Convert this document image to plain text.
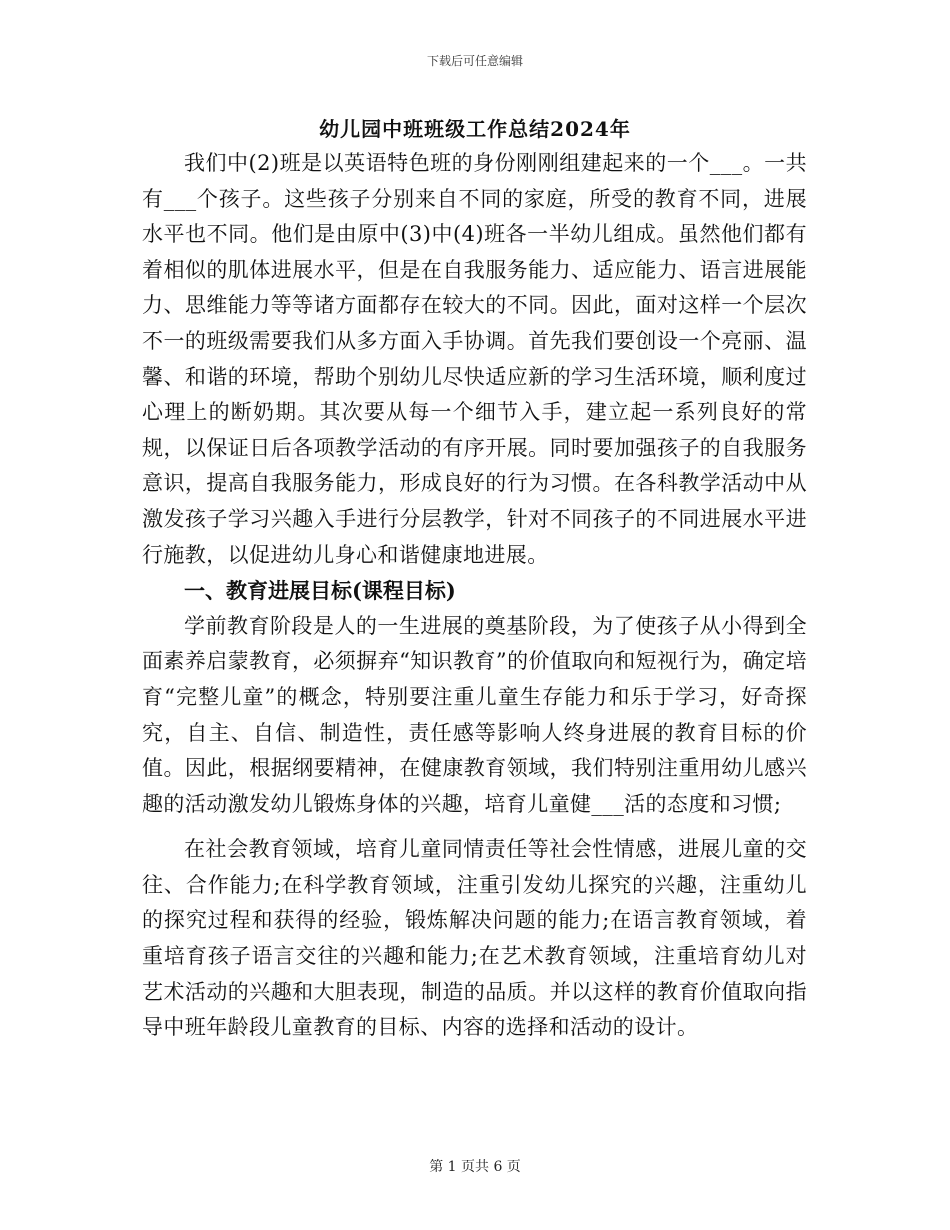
下载后可任意编辑
幼儿园中班班级工作总结2024年

我们中(2)班是以英语特色班的身份刚刚组建起来的一个___。一共有___个孩子。这些孩子分别来自不同的家庭，所受的教育不同，进展水平也不同。他们是由原中(3)中(4)班各一半幼儿组成。虽然他们都有着相似的肌体进展水平，但是在自我服务能力、适应能力、语言进展能力、思维能力等等诸方面都存在较大的不同。因此，面对这样一个层次不一的班级需要我们从多方面入手协调。首先我们要创设一个亮丽、温馨、和谐的环境，帮助个别幼儿尽快适应新的学习生活环境，顺利度过心理上的断奶期。其次要从每一个细节入手，建立起一系列良好的常规，以保证日后各项教学活动的有序开展。同时要加强孩子的自我服务意识，提高自我服务能力，形成良好的行为习惯。在各科教学活动中从激发孩子学习兴趣入手进行分层教学，针对不同孩子的不同进展水平进行施教，以促进幼儿身心和谐健康地进展。

一、教育进展目标(课程目标)

学前教育阶段是人的一生进展的奠基阶段，为了使孩子从小得到全面素养启蒙教育，必须摒弃“知识教育”的价值取向和短视行为，确定培育“完整儿童”的概念，特别要注重儿童生存能力和乐于学习，好奇探究，自主、自信、制造性，责任感等影响人终身进展的教育目标的价值。因此，根据纲要精神，在健康教育领域，我们特别注重用幼儿感兴趣的活动激发幼儿锻炼身体的兴趣，培育儿童健___活的态度和习惯;

在社会教育领域，培育儿童同情责任等社会性情感，进展儿童的交往、合作能力;在科学教育领域，注重引发幼儿探究的兴趣，注重幼儿的探究过程和获得的经验，锻炼解决问题的能力;在语言教育领域，着重培育孩子语言交往的兴趣和能力;在艺术教育领域，注重培育幼儿对艺术活动的兴趣和大胆表现，制造的品质。并以这样的教育价值取向指导中班年龄段儿童教育的目标、内容的选择和活动的设计。

第 1 页共 6 页
